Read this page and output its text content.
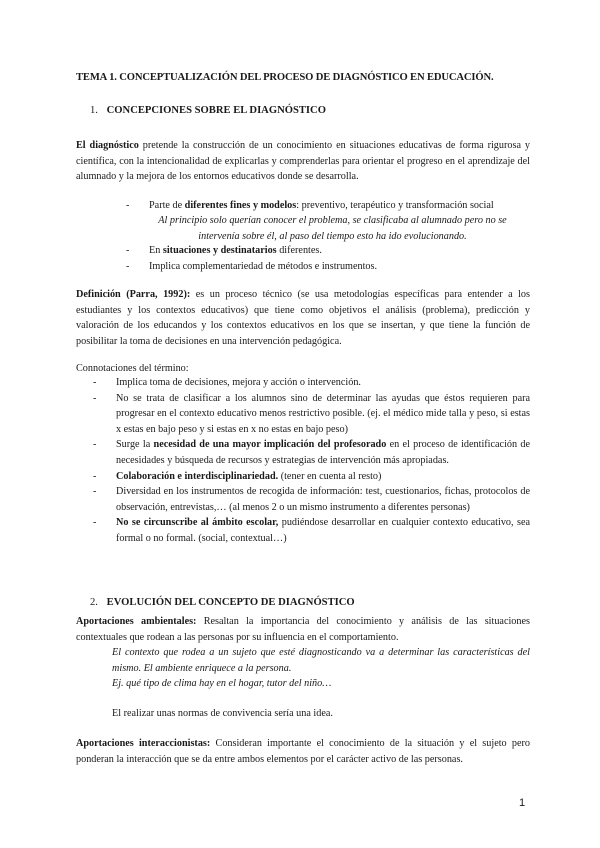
TEMA 1. CONCEPTUALIZACIÓN DEL PROCESO DE DIAGNÓSTICO EN EDUCACIÓN.
1. CONCEPCIONES SOBRE EL DIAGNÓSTICO
El diagnóstico pretende la construcción de un conocimiento en situaciones educativas de forma rigurosa y científica, con la intencionalidad de explicarlas y comprenderlas para orientar el progreso en el aprendizaje del alumnado y la mejora de los entornos educativos donde se desarrolla.
- Parte de diferentes fines y modelos: preventivo, terapéutico y transformación social
Al principio solo querían conocer el problema, se clasificaba al alumnado pero no se intervenía sobre él, al paso del tiempo esto ha ido evolucionando.
- En situaciones y destinatarios diferentes.
- Implica complementariedad de métodos e instrumentos.
Definición (Parra, 1992): es un proceso técnico (se usa metodologías específicas para entender a los estudiantes y los contextos educativos) que tiene como objetivos el análisis (problema), predicción y valoración de los educandos y los contextos educativos en los que se insertan, y que tiene la función de posibilitar la toma de decisiones en una intervención pedagógica.
Connotaciones del término:
- Implica toma de decisiones, mejora y acción o intervención.
- No se trata de clasificar a los alumnos sino de determinar las ayudas que éstos requieren para progresar en el contexto educativo menos restrictivo posible. (ej. el médico mide talla y peso, si estas x estas en bajo peso y si estas en x no estas en bajo peso)
- Surge la necesidad de una mayor implicación del profesorado en el proceso de identificación de necesidades y búsqueda de recursos y estrategias de intervención más apropiadas.
- Colaboración e interdisciplinariedad. (tener en cuenta al resto)
- Diversidad en los instrumentos de recogida de información: test, cuestionarios, fichas, protocolos de observación, entrevistas,… (al menos 2 o un mismo instrumento a diferentes personas)
- No se circunscribe al ámbito escolar, pudiéndose desarrollar en cualquier contexto educativo, sea formal o no formal. (social, contextual…)
2. EVOLUCIÓN DEL CONCEPTO DE DIAGNÓSTICO
Aportaciones ambientales: Resaltan la importancia del conocimiento y análisis de las situaciones contextuales que rodean a las personas por su influencia en el comportamiento.
El contexto que rodea a un sujeto que esté diagnosticando va a determinar las características del mismo. El ambiente enriquece a la persona.
Ej. qué tipo de clima hay en el hogar, tutor del niño…
El realizar unas normas de convivencia sería una idea.
Aportaciones interaccionistas: Consideran importante el conocimiento de la situación y el sujeto pero ponderan la interacción que se da entre ambos elementos por el carácter activo de las personas.
1
